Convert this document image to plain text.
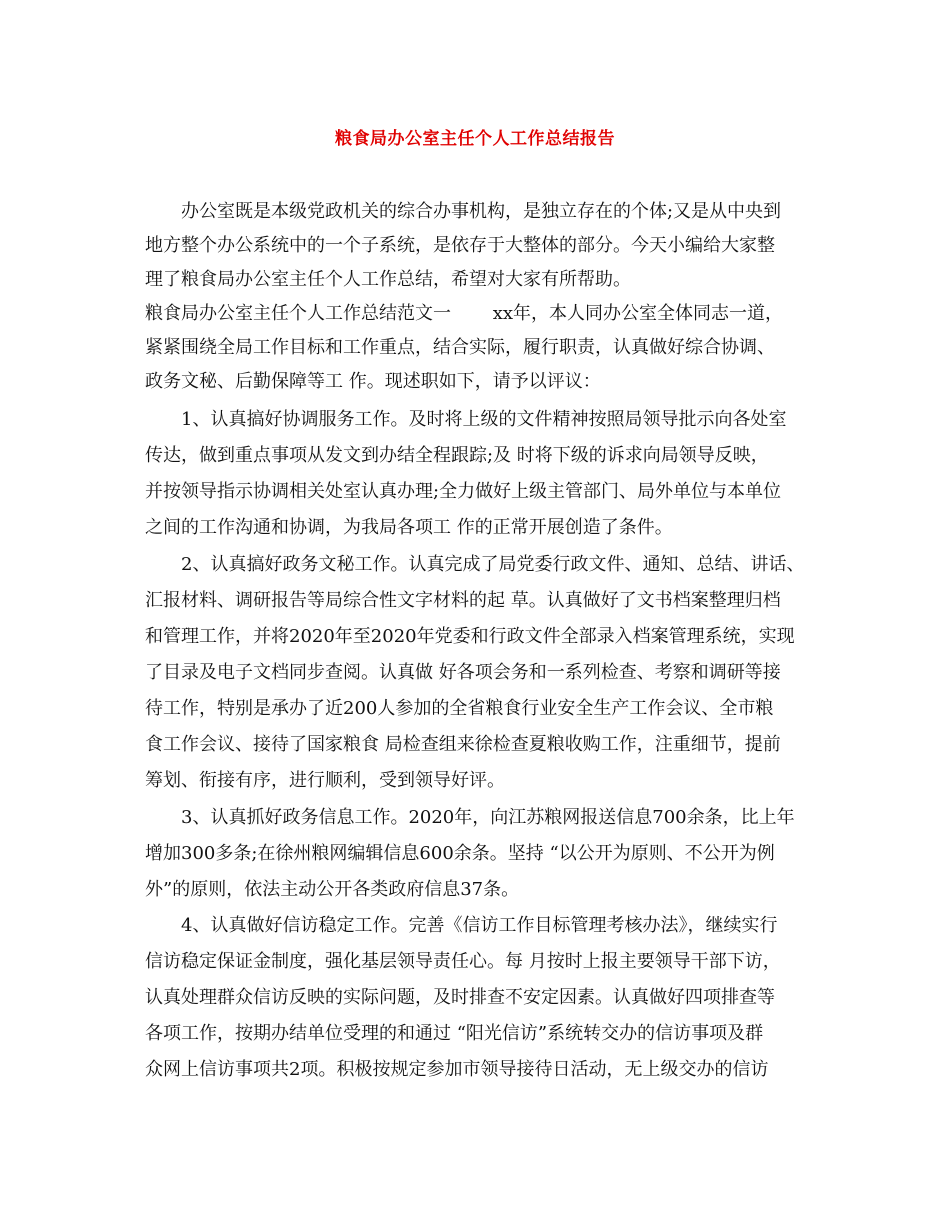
粮食局办公室主任个人工作总结报告
办公室既是本级党政机关的综合办事机构，是独立存在的个体;又是从中央到
地方整个办公系统中的一个子系统，是依存于大整体的部分。今天小编给大家整
理了粮食局办公室主任个人工作总结，希望对大家有所帮助。
粮食局办公室主任个人工作总结范文一　　 xx年，本人同办公室全体同志一道，
紧紧围绕全局工作目标和工作重点，结合实际，履行职责，认真做好综合协调、
政务文秘、后勤保障等工 作。现述职如下，请予以评议：
1、认真搞好协调服务工作。及时将上级的文件精神按照局领导批示向各处室
传达，做到重点事项从发文到办结全程跟踪;及 时将下级的诉求向局领导反映，
并按领导指示协调相关处室认真办理;全力做好上级主管部门、局外单位与本单位
之间的工作沟通和协调，为我局各项工 作的正常开展创造了条件。
2、认真搞好政务文秘工作。认真完成了局党委行政文件、通知、总结、讲话、
汇报材料、调研报告等局综合性文字材料的起 草。认真做好了文书档案整理归档
和管理工作，并将2020年至2020年党委和行政文件全部录入档案管理系统，实现
了目录及电子文档同步查阅。认真做 好各项会务和一系列检查、考察和调研等接
待工作，特别是承办了近200人参加的全省粮食行业安全生产工作会议、全市粮
食工作会议、接待了国家粮食 局检查组来徐检查夏粮收购工作，注重细节，提前
筹划、衔接有序，进行顺利，受到领导好评。
3、认真抓好政务信息工作。2020年，向江苏粮网报送信息700余条，比上年
增加300多条;在徐州粮网编辑信息600余条。坚持 “以公开为原则、不公开为例
外”的原则，依法主动公开各类政府信息37条。
4、认真做好信访稳定工作。完善《信访工作目标管理考核办法》，继续实行
信访稳定保证金制度，强化基层领导责任心。每 月按时上报主要领导干部下访，
认真处理群众信访反映的实际问题，及时排查不安定因素。认真做好四项排查等
各项工作，按期办结单位受理的和通过 “阳光信访”系统转交办的信访事项及群
众网上信访事项共2项。积极按规定参加市领导接待日活动，无上级交办的信访
